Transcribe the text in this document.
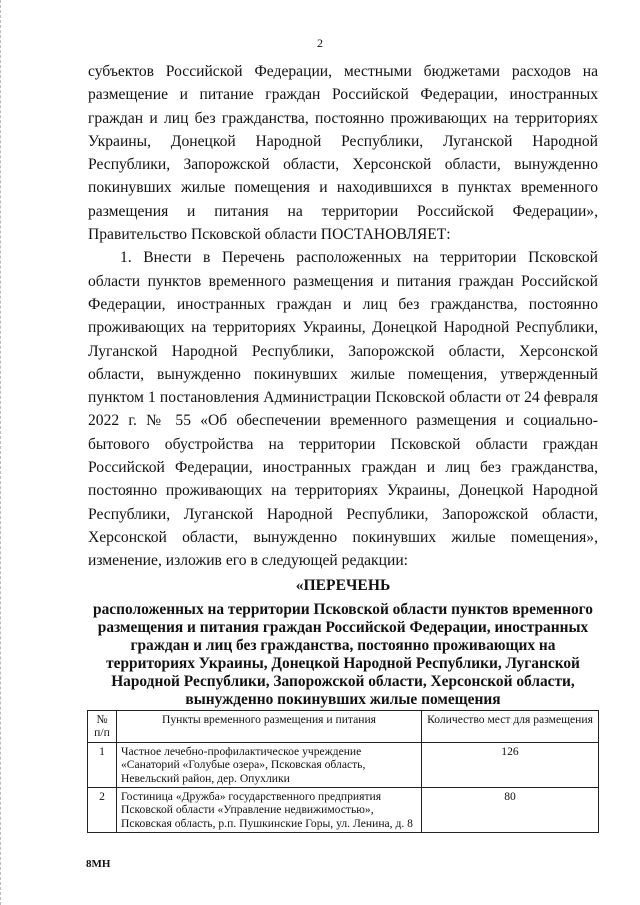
2

субъектов Российской Федерации, местными бюджетами расходов на размещение и питание граждан Российской Федерации, иностранных граждан и лиц без гражданства, постоянно проживающих на территориях Украины, Донецкой Народной Республики, Луганской Народной Республики, Запорожской области, Херсонской области, вынужденно покинувших жилые помещения и находившихся в пунктах временного размещения и питания на территории Российской Федерации», Правительство Псковской области ПОСТАНОВЛЯЕТ:

1. Внести в Перечень расположенных на территории Псковской области пунктов временного размещения и питания граждан Российской Федерации, иностранных граждан и лиц без гражданства, постоянно проживающих на территориях Украины, Донецкой Народной Республики, Луганской Народной Республики, Запорожской области, Херсонской области, вынужденно покинувших жилые помещения, утвержденный пунктом 1 постановления Администрации Псковской области от 24 февраля 2022 г. № 55 «Об обеспечении временного размещения и социально-бытового обустройства на территории Псковской области граждан Российской Федерации, иностранных граждан и лиц без гражданства, постоянно проживающих на территориях Украины, Донецкой Народной Республики, Луганской Народной Республики, Запорожской области, Херсонской области, вынужденно покинувших жилые помещения», изменение, изложив его в следующей редакции:

«ПЕРЕЧЕНЬ
расположенных на территории Псковской области пунктов временного размещения и питания граждан Российской Федерации, иностранных граждан и лиц без гражданства, постоянно проживающих на территориях Украины, Донецкой Народной Республики, Луганской Народной Республики, Запорожской области, Херсонской области, вынужденно покинувших жилые помещения
№ п/п	Пункты временного размещения и питания	Количество мест для размещения
1	Частное лечебно-профилактическое учреждение «Санаторий «Голубые озера», Псковская область, Невельский район, дер. Опухлики	126
2	Гостиница «Дружба» государственного предприятия Псковской области «Управление недвижимостью», Псковская область, р.п. Пушкинские Горы, ул. Ленина, д. 8	80
8МН
